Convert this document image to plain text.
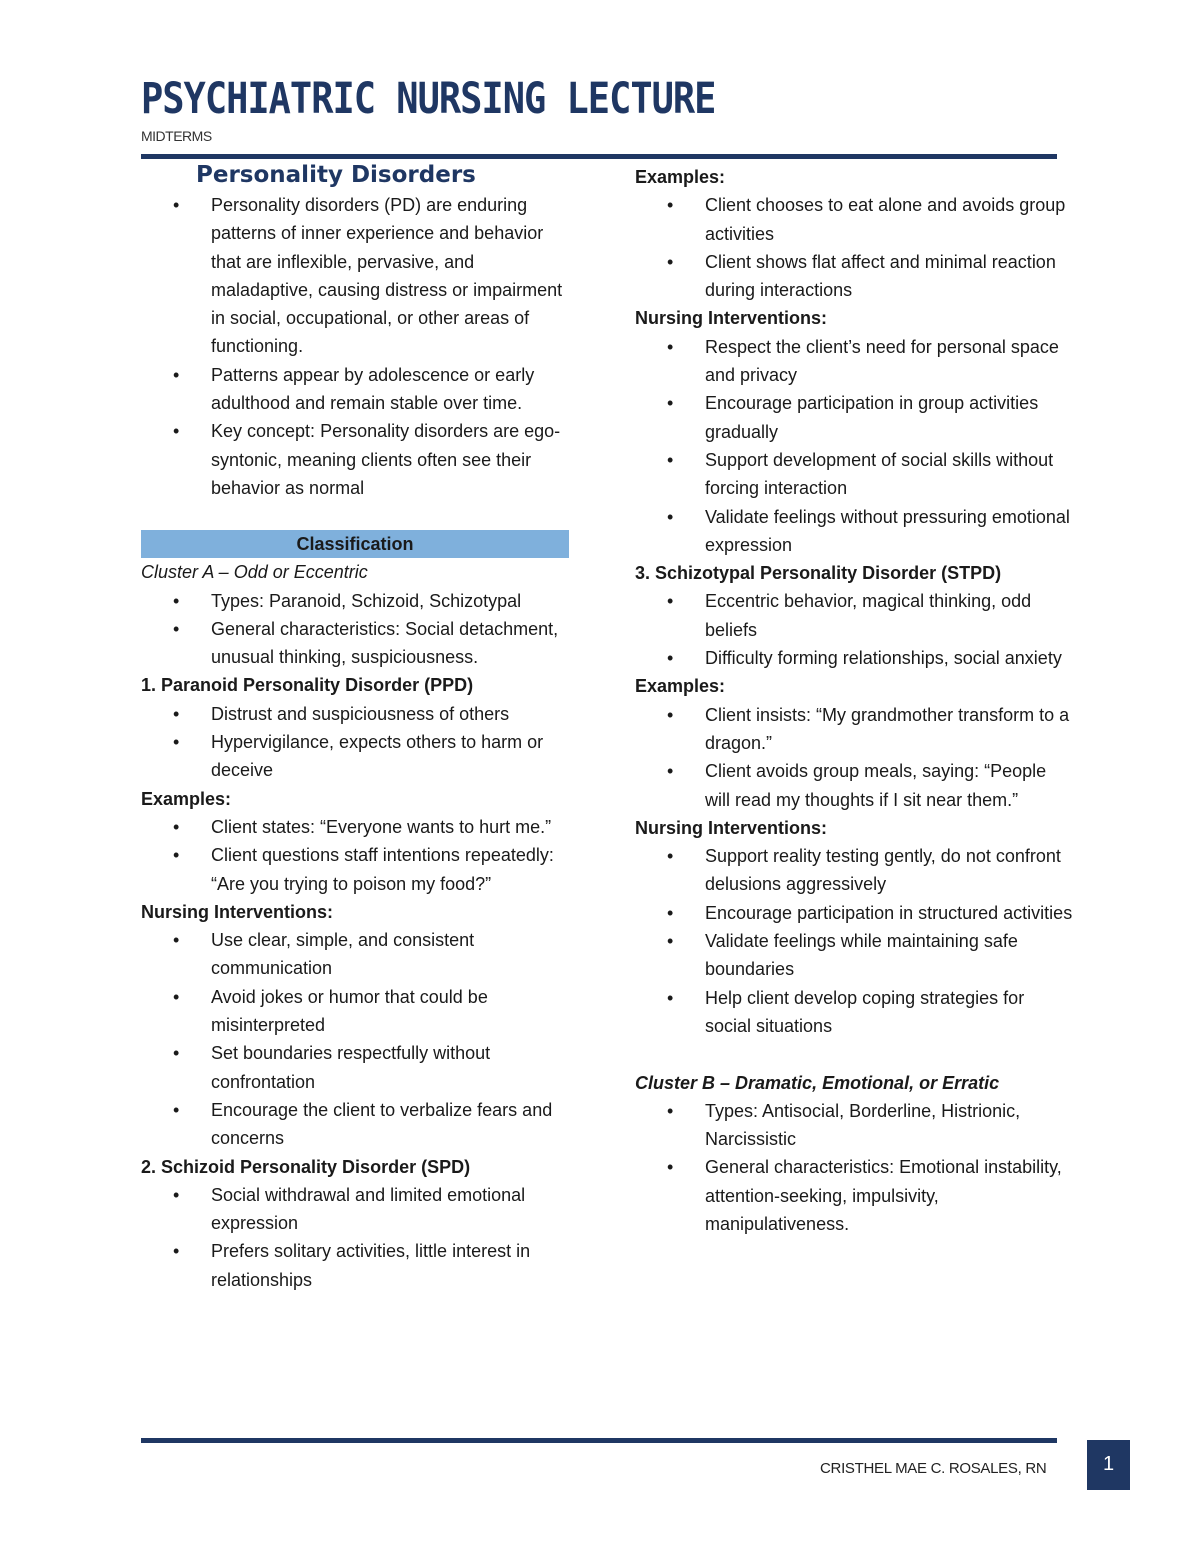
PSYCHIATRIC NURSING LECTURE
MIDTERMS
Personality Disorders
• Personality disorders (PD) are enduring patterns of inner experience and behavior that are inflexible, pervasive, and maladaptive, causing distress or impairment in social, occupational, or other areas of functioning.
• Patterns appear by adolescence or early adulthood and remain stable over time.
• Key concept: Personality disorders are ego-syntonic, meaning clients often see their behavior as normal
Classification
Cluster A – Odd or Eccentric
• Types: Paranoid, Schizoid, Schizotypal
• General characteristics: Social detachment, unusual thinking, suspiciousness.
1. Paranoid Personality Disorder (PPD)
• Distrust and suspiciousness of others
• Hypervigilance, expects others to harm or deceive
Examples:
• Client states: “Everyone wants to hurt me.”
• Client questions staff intentions repeatedly: “Are you trying to poison my food?”
Nursing Interventions:
• Use clear, simple, and consistent communication
• Avoid jokes or humor that could be misinterpreted
• Set boundaries respectfully without confrontation
• Encourage the client to verbalize fears and concerns
2. Schizoid Personality Disorder (SPD)
• Social withdrawal and limited emotional expression
• Prefers solitary activities, little interest in relationships
Examples:
• Client chooses to eat alone and avoids group activities
• Client shows flat affect and minimal reaction during interactions
Nursing Interventions:
• Respect the client’s need for personal space and privacy
• Encourage participation in group activities gradually
• Support development of social skills without forcing interaction
• Validate feelings without pressuring emotional expression
3. Schizotypal Personality Disorder (STPD)
• Eccentric behavior, magical thinking, odd beliefs
• Difficulty forming relationships, social anxiety
Examples:
• Client insists: “My grandmother transform to a dragon.”
• Client avoids group meals, saying: “People will read my thoughts if I sit near them.”
Nursing Interventions:
• Support reality testing gently, do not confront delusions aggressively
• Encourage participation in structured activities
• Validate feelings while maintaining safe boundaries
• Help client develop coping strategies for social situations
Cluster B – Dramatic, Emotional, or Erratic
• Types: Antisocial, Borderline, Histrionic, Narcissistic
• General characteristics: Emotional instability, attention-seeking, impulsivity, manipulativeness.
CRISTHEL MAE C. ROSALES, RN	1
